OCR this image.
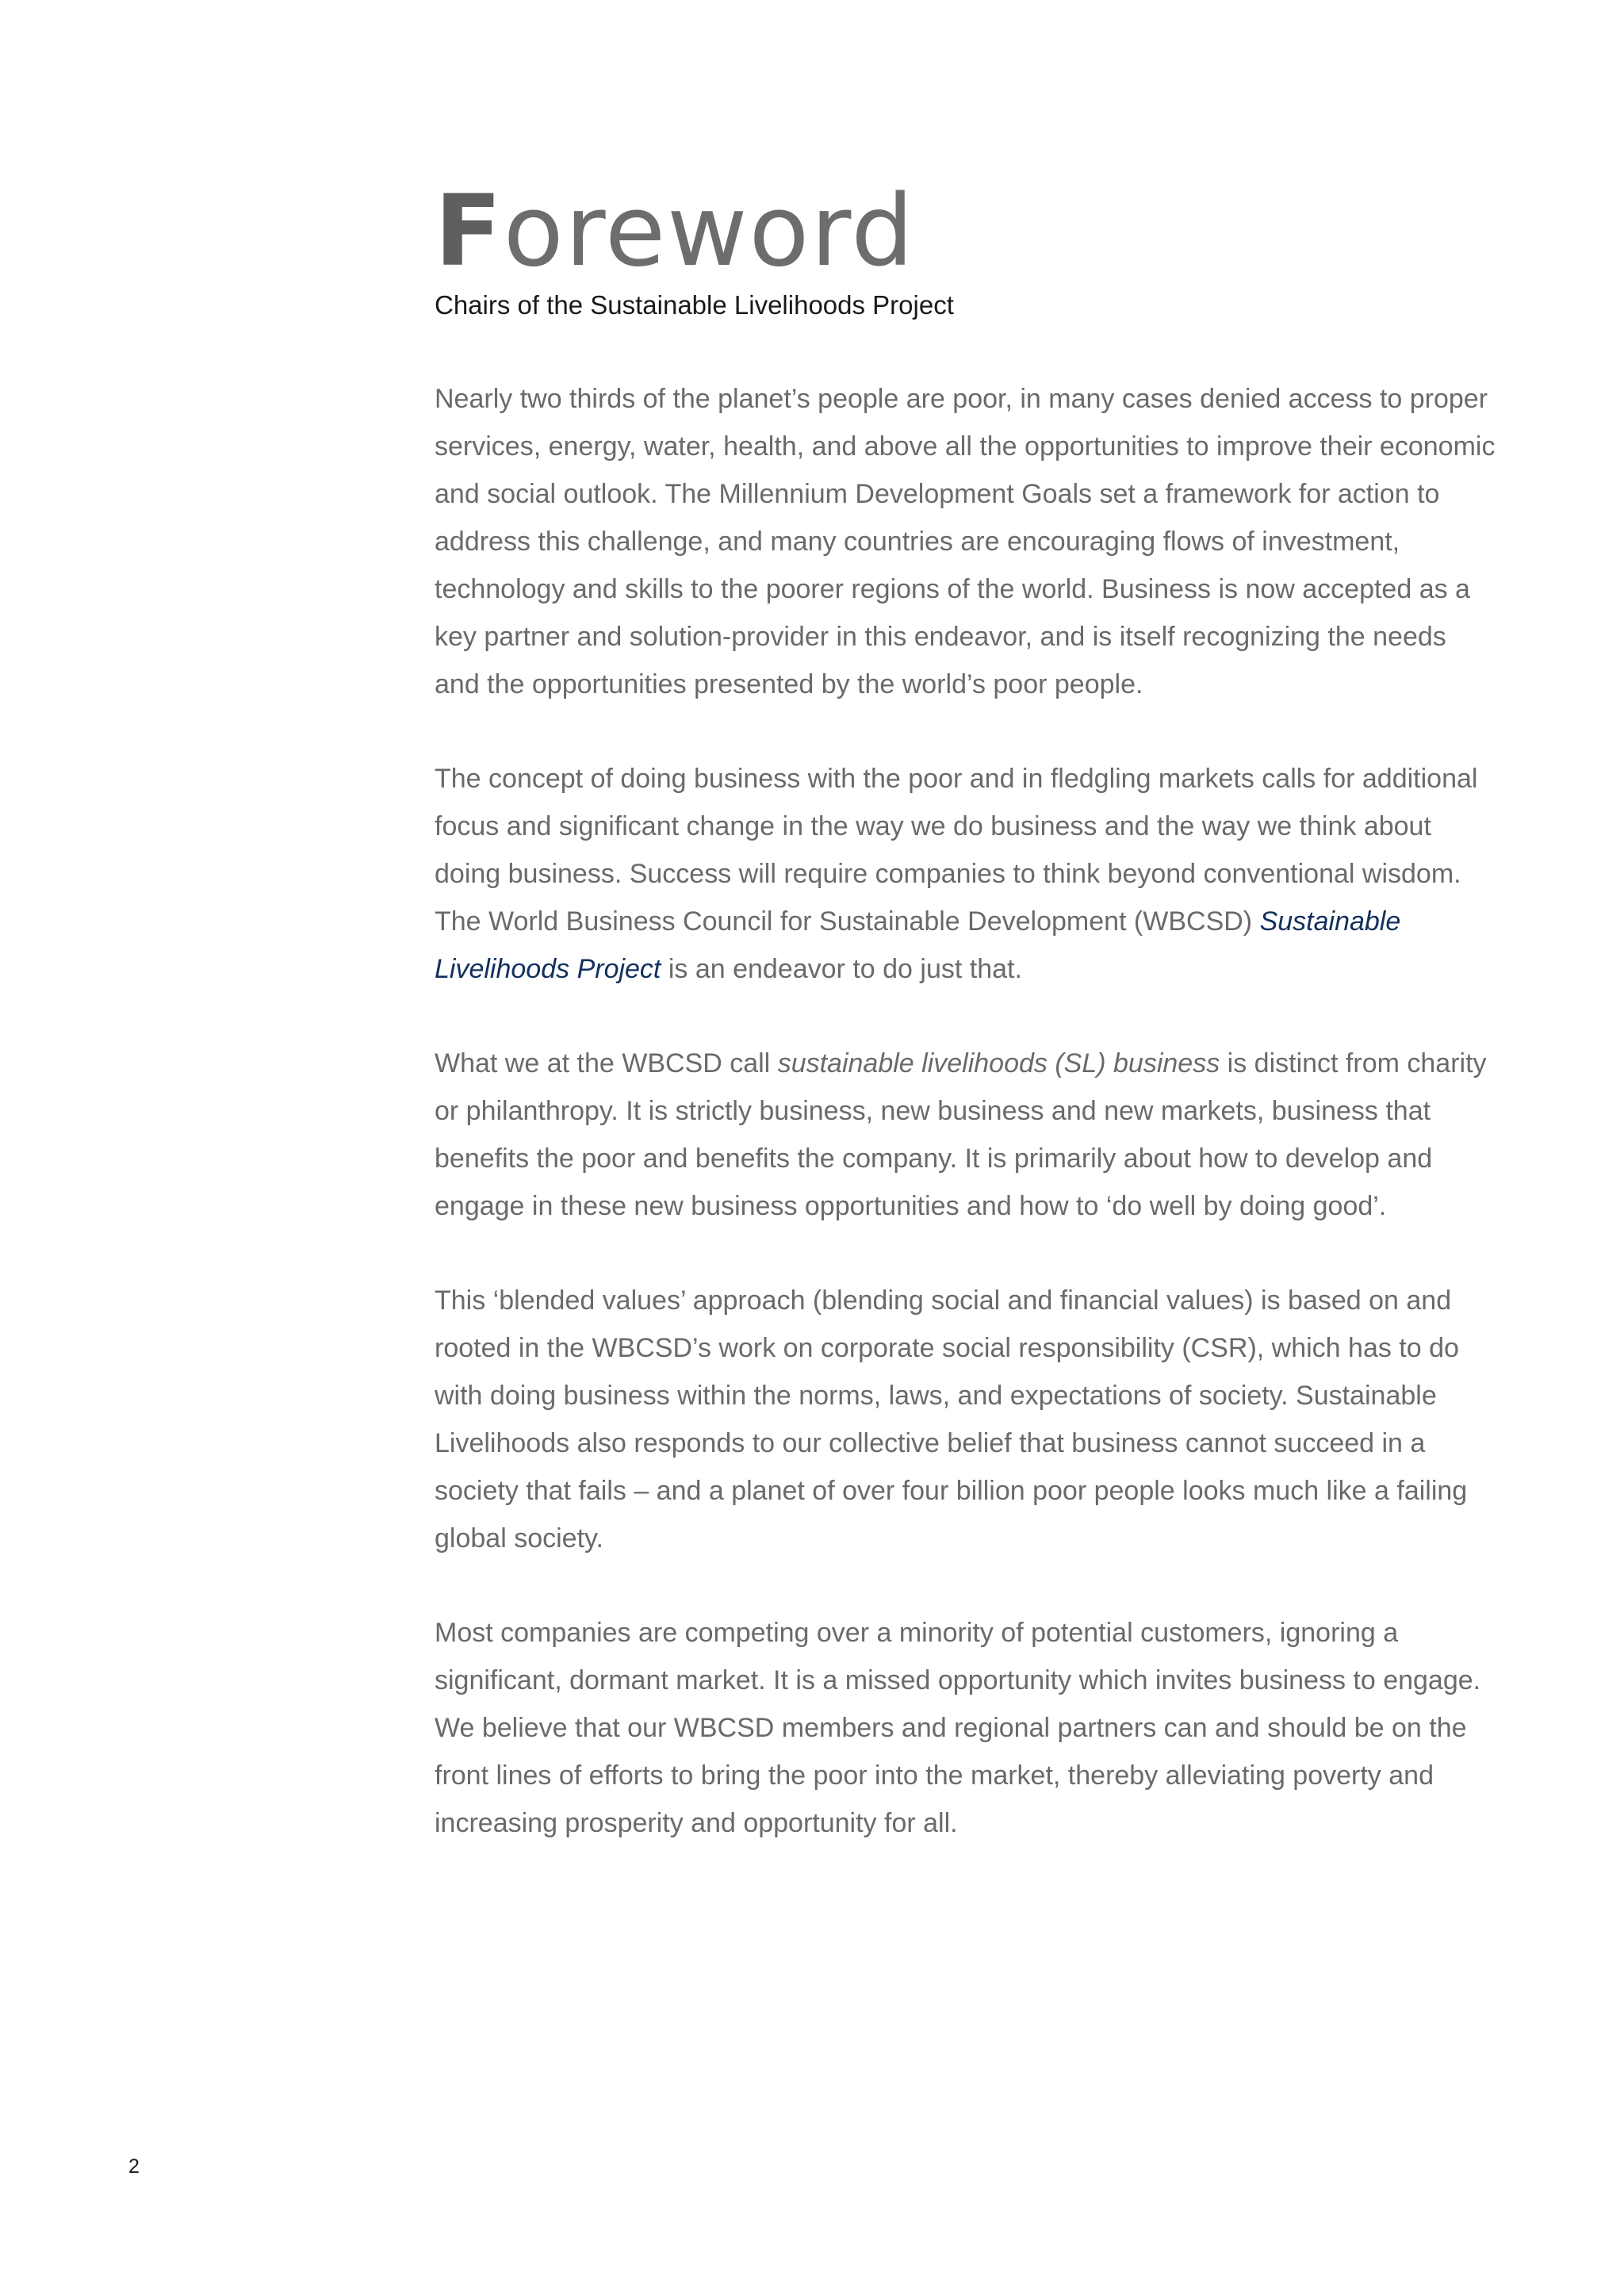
Foreword

Chairs of the Sustainable Livelihoods Project

Nearly two thirds of the planet’s people are poor, in many cases denied access to proper services, energy, water, health, and above all the opportunities to improve their economic and social outlook. The Millennium Development Goals set a framework for action to address this challenge, and many countries are encouraging flows of investment, technology and skills to the poorer regions of the world. Business is now accepted as a key partner and solution-provider in this endeavor, and is itself recognizing the needs and the opportunities presented by the world’s poor people.

The concept of doing business with the poor and in fledgling markets calls for additional focus and significant change in the way we do business and the way we think about doing business. Success will require companies to think beyond conventional wisdom. The World Business Council for Sustainable Development (WBCSD) Sustainable Livelihoods Project is an endeavor to do just that.

What we at the WBCSD call sustainable livelihoods (SL) business is distinct from charity or philanthropy. It is strictly business, new business and new markets, business that benefits the poor and benefits the company. It is primarily about how to develop and engage in these new business opportunities and how to ‘do well by doing good’.

This ‘blended values’ approach (blending social and financial values) is based on and rooted in the WBCSD’s work on corporate social responsibility (CSR), which has to do with doing business within the norms, laws, and expectations of society. Sustainable Livelihoods also responds to our collective belief that business cannot succeed in a society that fails – and a planet of over four billion poor people looks much like a failing global society.

Most companies are competing over a minority of potential customers, ignoring a significant, dormant market. It is a missed opportunity which invites business to engage. We believe that our WBCSD members and regional partners can and should be on the front lines of efforts to bring the poor into the market, thereby alleviating poverty and increasing prosperity and opportunity for all.

2
